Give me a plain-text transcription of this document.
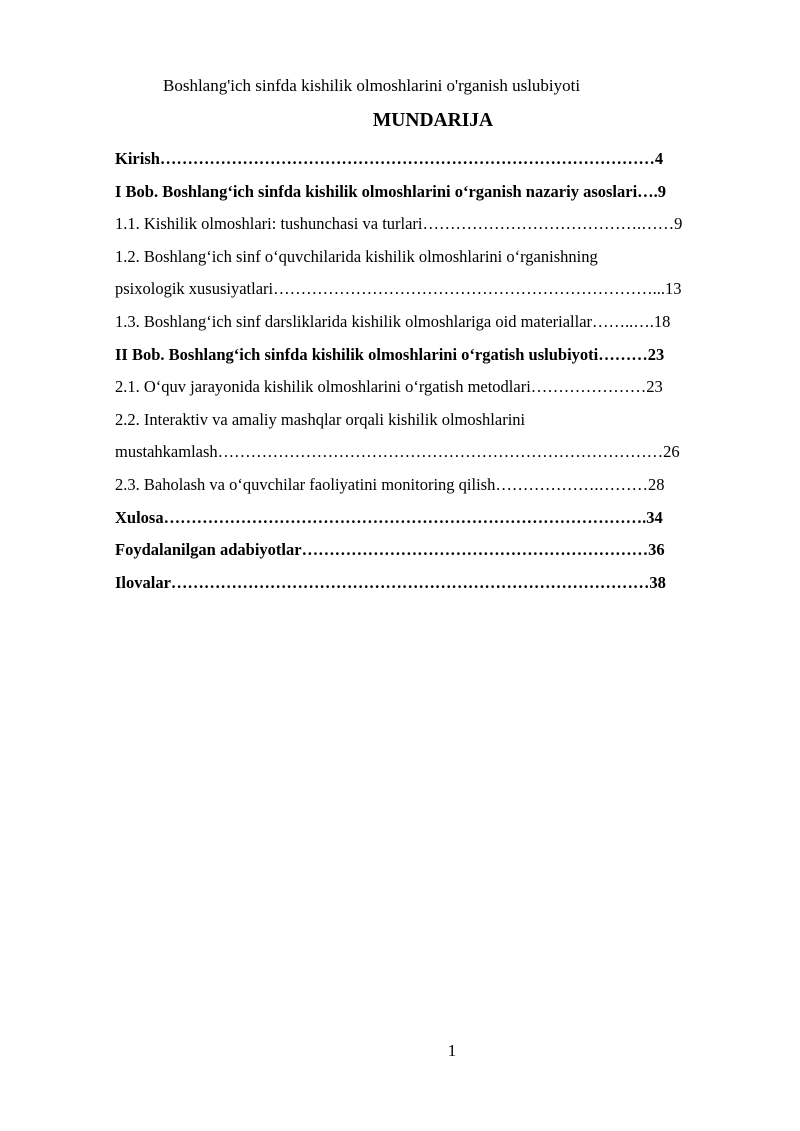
Boshlang'ich sinfda kishilik olmoshlarini o'rganish uslubiyoti
MUNDARIJA
Kirish………………………………………………………………………………4
I Bob. Boshlang‘ich sinfda kishilik olmoshlarini o‘rganish nazariy asoslari….9
1.1. Kishilik olmoshlari: tushunchasi va turlari………………………………….……9
1.2. Boshlang‘ich sinf o‘quvchilarida kishilik olmoshlarini o‘rganishning
psixologik xususiyatlari……………………………………………………………...13
1.3. Boshlang‘ich sinf darsliklarida kishilik olmoshlariga oid materiallar……..….18
II Bob. Boshlang‘ich sinfda kishilik olmoshlarini o‘rgatish uslubiyoti………23
2.1. O‘quv jarayonida kishilik olmoshlarini o‘rgatish metodlari…………………23
2.2. Interaktiv va amaliy mashqlar orqali kishilik olmoshlarini
mustahkamlash………………………………………………………………………26
2.3. Baholash va o‘quvchilar faoliyatini monitoring qilish……………….………28
Xulosa…………………………………………………………………………….34
Foydalanilgan adabiyotlar………………………………………………………36
Ilovalar……………………………………………………………………………38
1
